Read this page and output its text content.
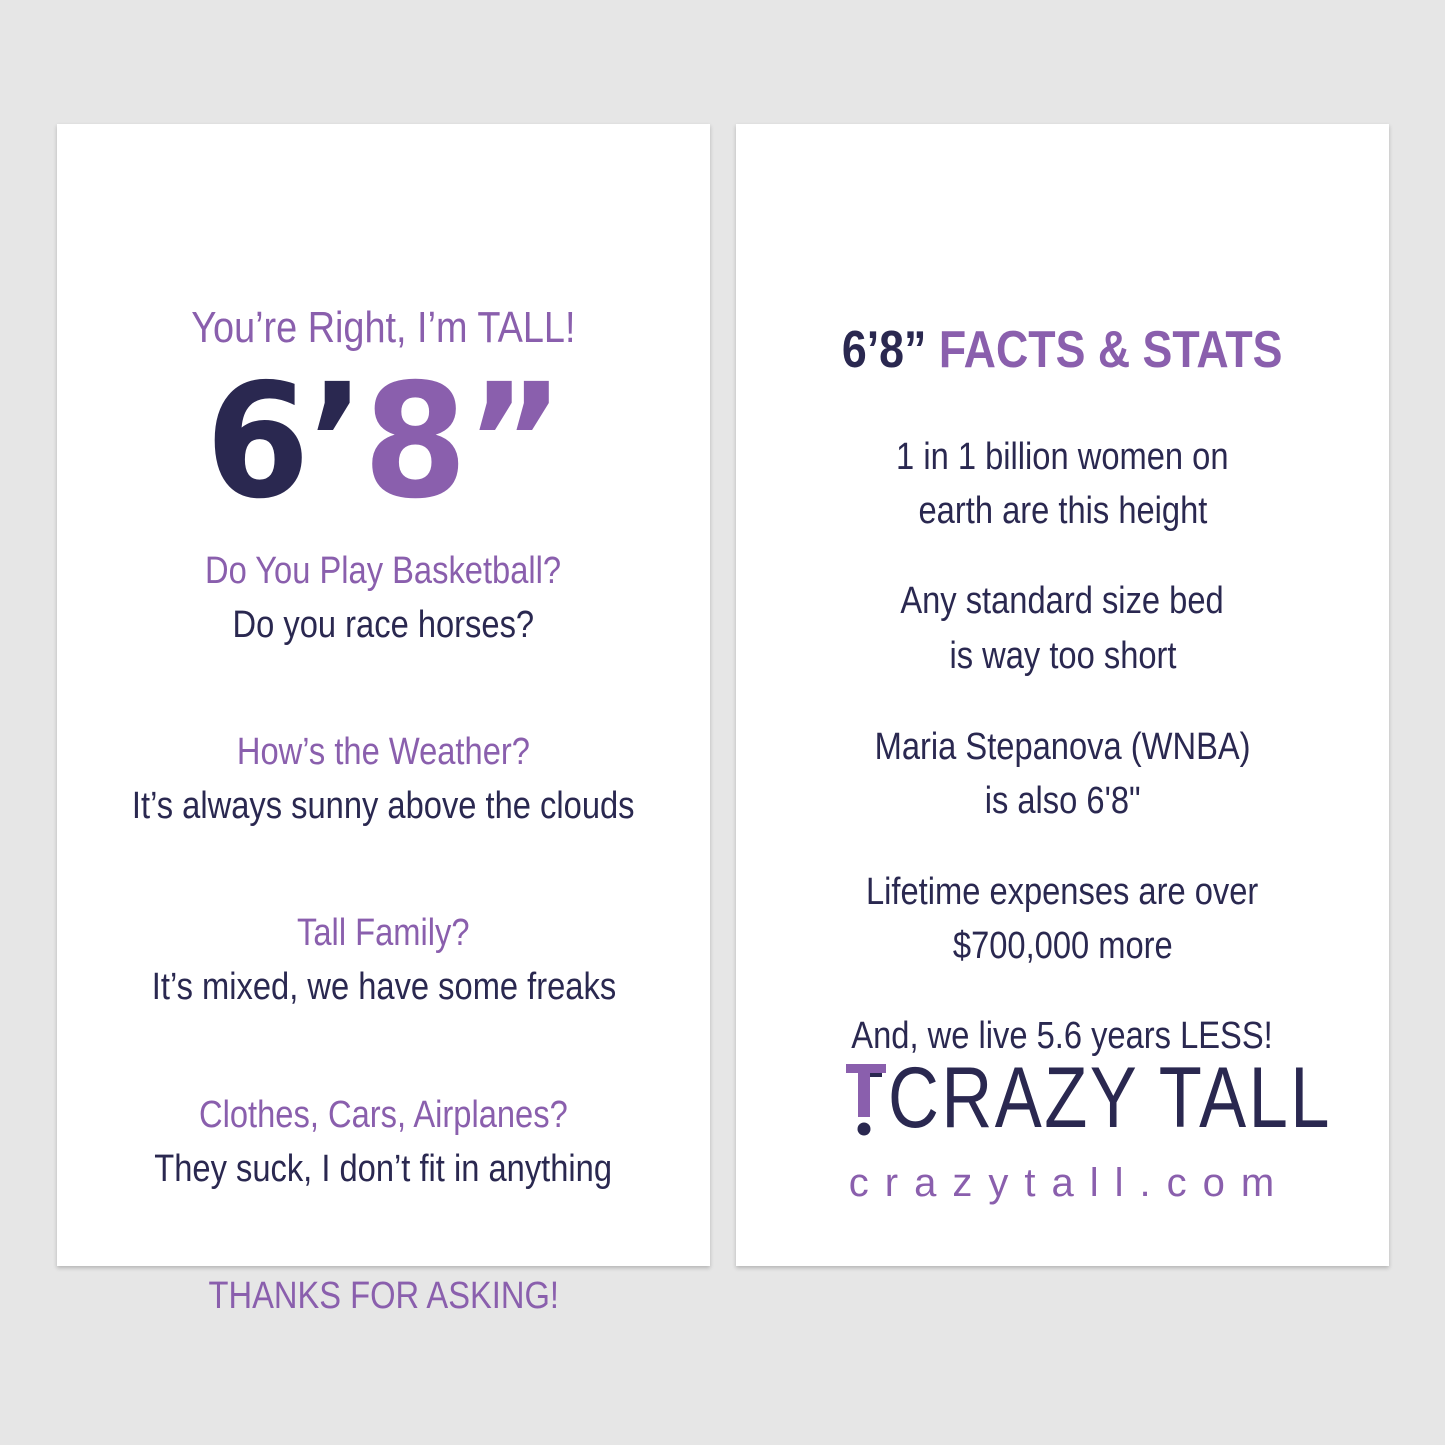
You’re Right, I’m TALL!
6’8”
Do You Play Basketball?
Do you race horses?
How’s the Weather?
It’s always sunny above the clouds
Tall Family?
It’s mixed, we have some freaks
Clothes, Cars, Airplanes?
They suck, I don’t fit in anything
THANKS FOR ASKING!
6’8” FACTS & STATS
1 in 1 billion women on
earth are this height
Any standard size bed
is way too short
Maria Stepanova (WNBA)
is also 6'8"
Lifetime expenses are over
$700,000 more
And, we live 5.6 years LESS!
CRAZY TALL
crazytall.com
